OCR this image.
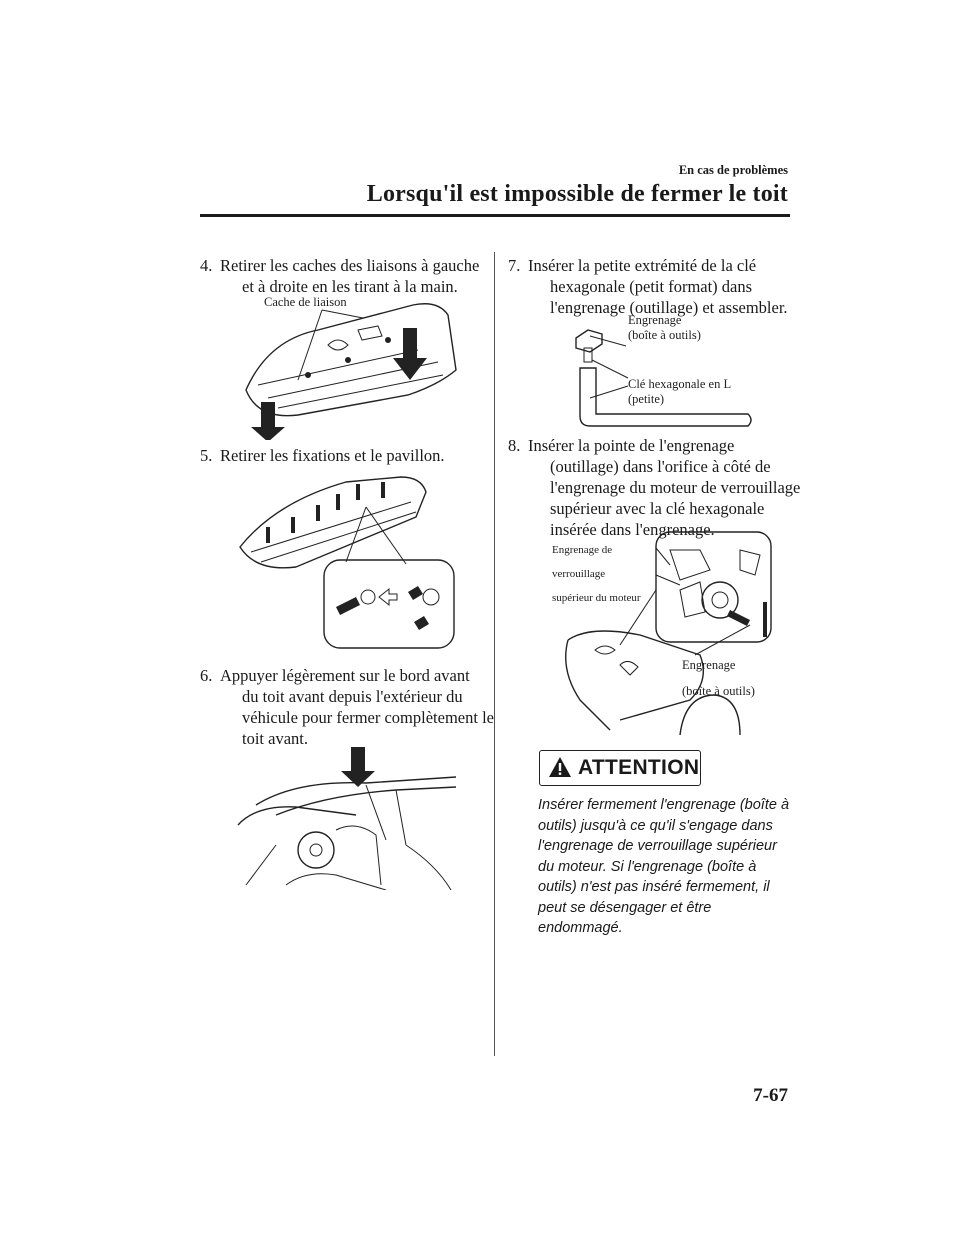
En cas de problèmes
Lorsqu'il est impossible de fermer le toit
4. Retirer les caches des liaisons à gauche
et à droite en les tirant à la main.
Cache de liaison
5. Retirer les fixations et le pavillon.
6. Appuyer légèrement sur le bord avant
du toit avant depuis l'extérieur du
véhicule pour fermer complètement le
toit avant.
7. Insérer la petite extrémité de la clé
hexagonale (petit format) dans
l'engrenage (outillage) et assembler.
Engrenage
(boîte à outils)
Clé hexagonale en L
(petite)
8. Insérer la pointe de l'engrenage
(outillage) dans l'orifice à côté de
l'engrenage du moteur de verrouillage
supérieur avec la clé hexagonale
insérée dans l'engrenage.
Engrenage de
verrouillage
supérieur du moteur
Engrenage
(boîte à outils)
ATTENTION
Insérer fermement l'engrenage (boîte à
outils) jusqu'à ce qu'il s'engage dans
l'engrenage de verrouillage supérieur
du moteur. Si l'engrenage (boîte à
outils) n'est pas inséré fermement, il
peut se désengager et être
endommagé.
7-67
